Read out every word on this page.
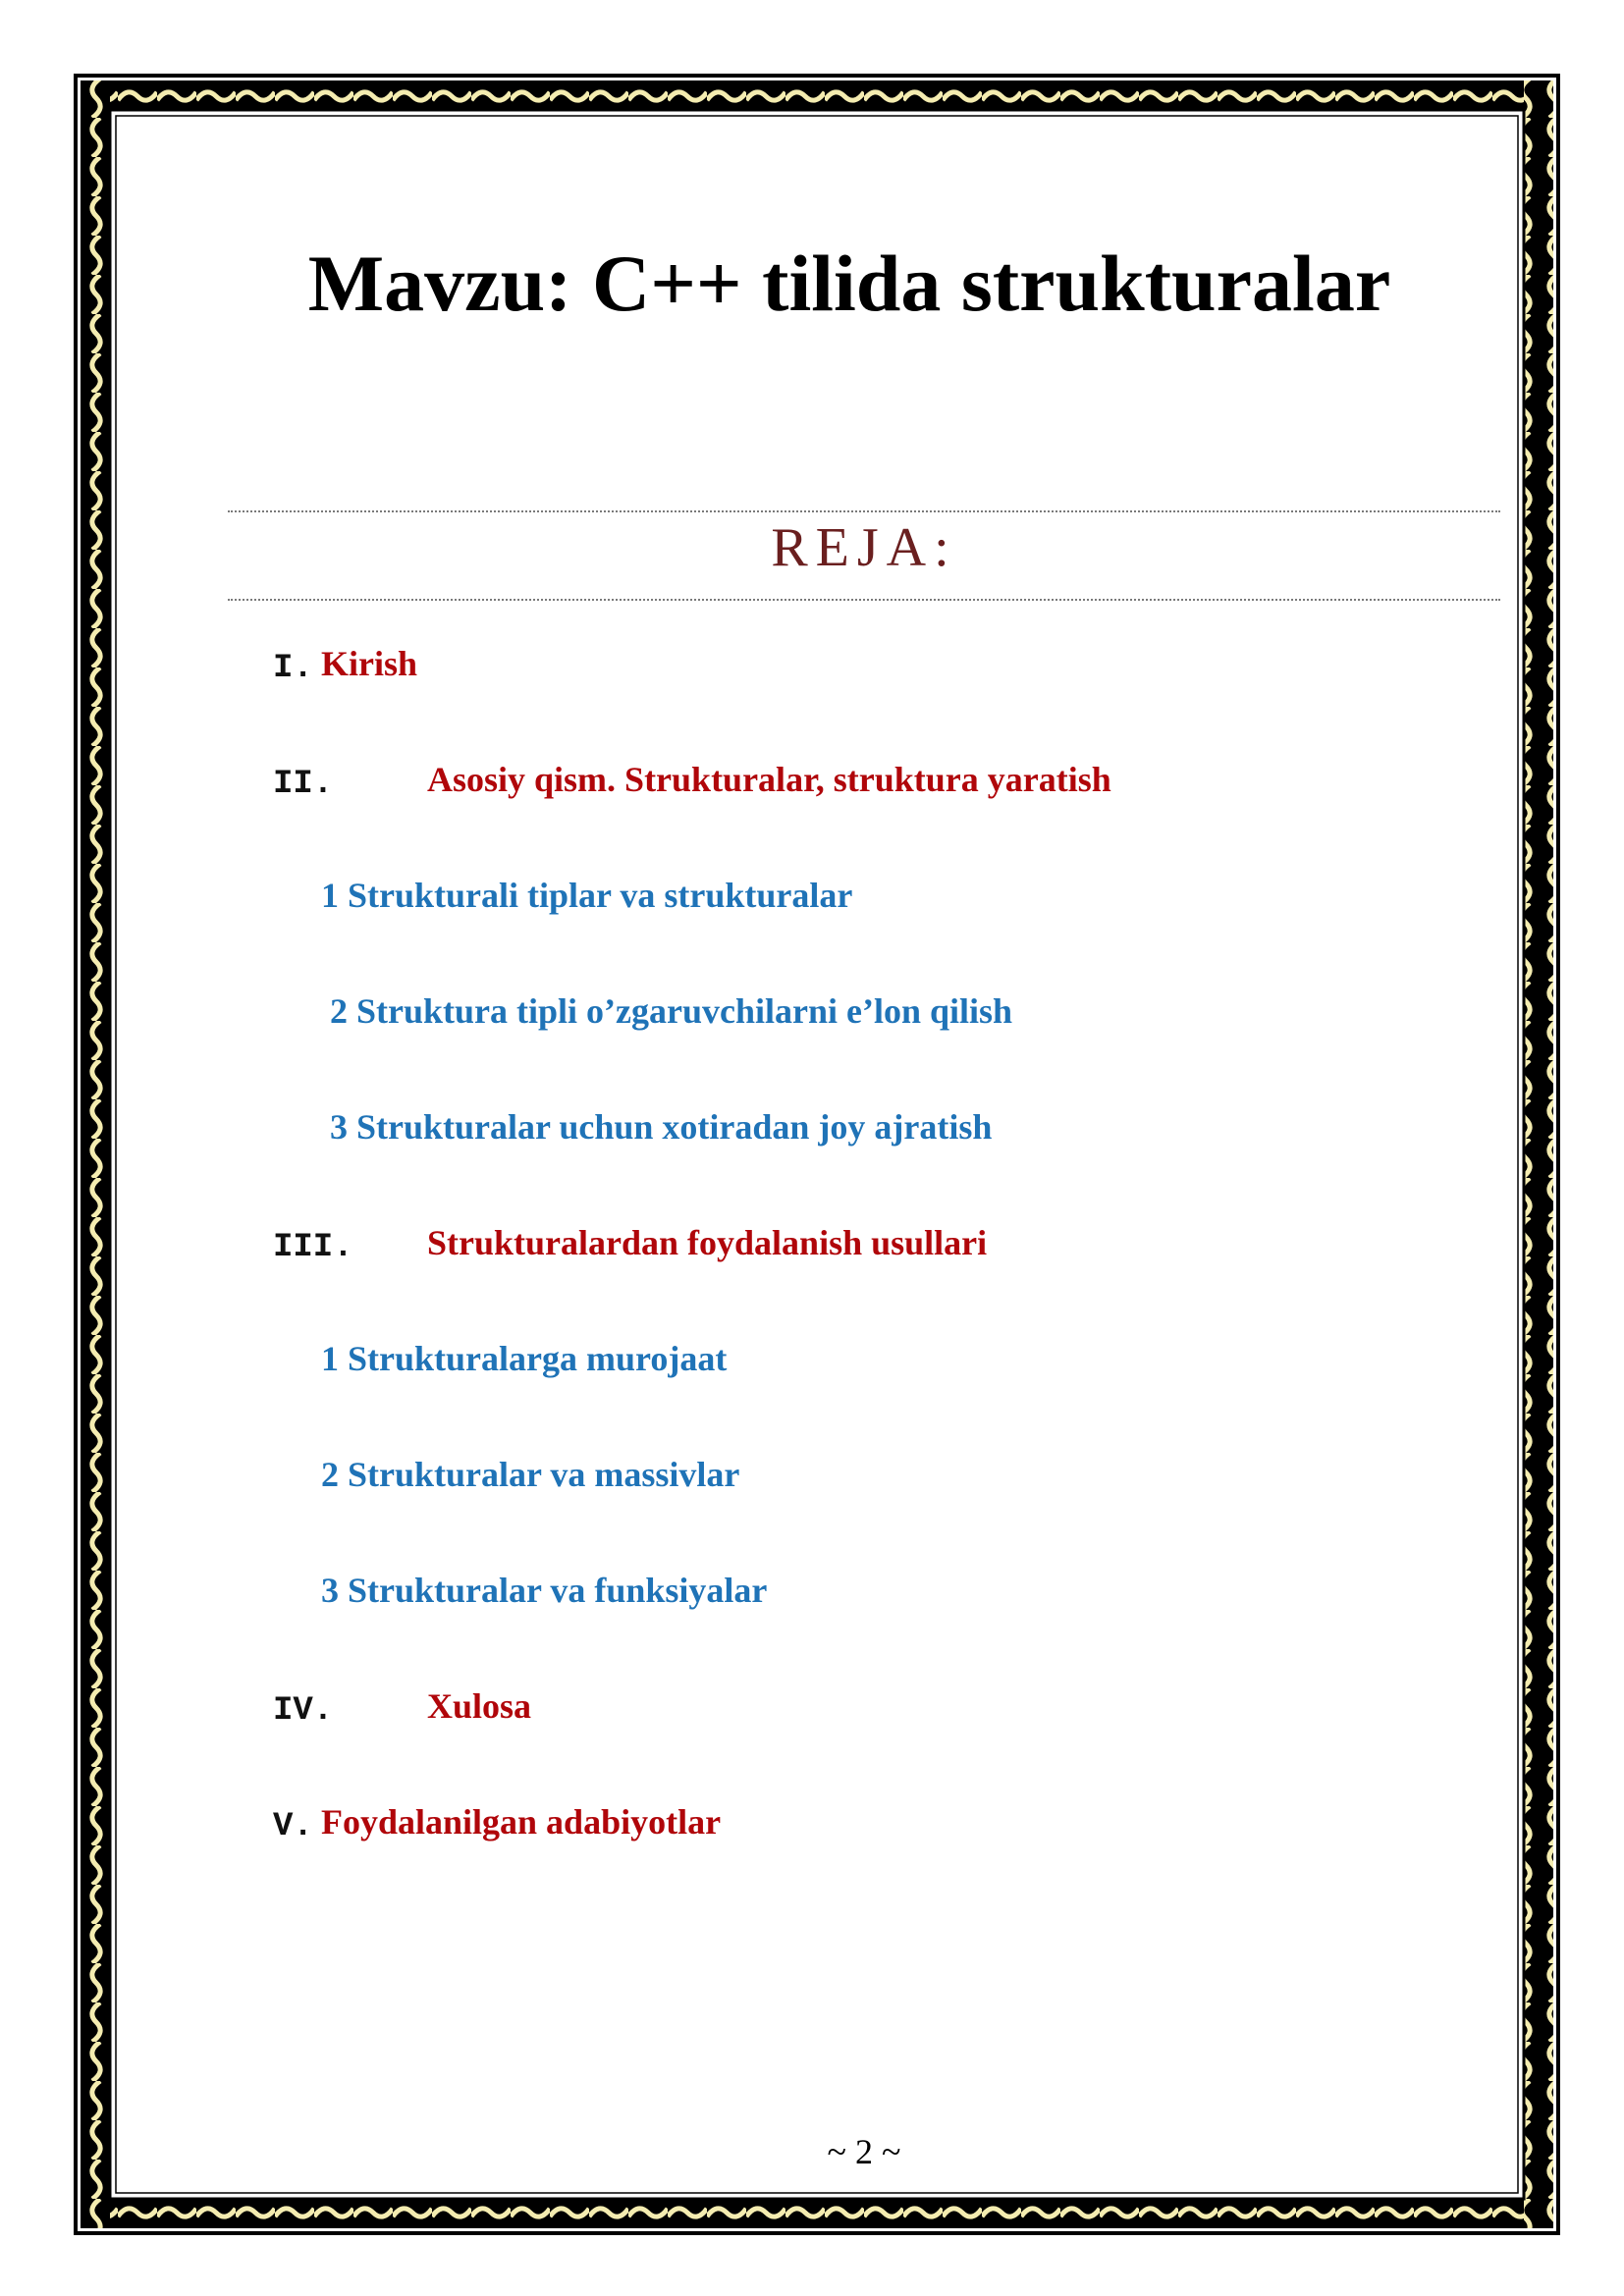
Mavzu: C++ tilida strukturalar
REJA:
I. Kirish
II.	Asosiy qism. Strukturalar, struktura yaratish
1 Strukturali tiplar va strukturalar
2 Struktura tipli o’zgaruvchilarni e’lon qilish
3 Strukturalar uchun xotiradan joy ajratish
III. Strukturalardan foydalanish usullari
1 Strukturalarga murojaat
2 Strukturalar va massivlar
3 Strukturalar va funksiyalar
IV.	Xulosa
V. Foydalanilgan adabiyotlar
~ 2 ~
